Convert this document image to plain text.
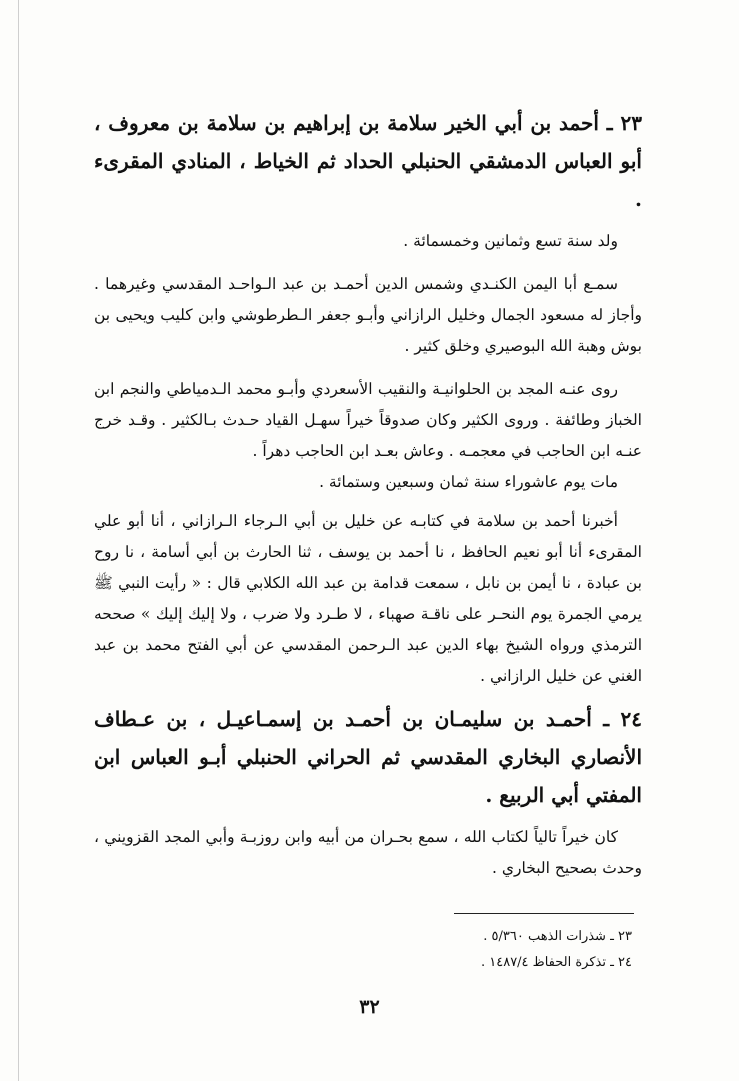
٢٣ ـ أحمد بن أبي الخير سلامة بن إبراهيم بن سلامة بن معروف ،
أبو العباس الدمشقي الحنبلي الحداد ثم الخياط ، المنادي المقرىء .

ولد سنة تسع وثمانين وخمسمائة .

سمـع أبا اليمن الكنـدي وشمس الدين أحمـد بن عبد الـواحـد المقدسي وغيرهما . وأجاز له مسعود الجمال وخليل الرازاني وأبـو جعفر الـطرطوشي وابن كليب ويحيى بن بوش وهبة الله البوصيري وخلق كثير .

روى عنـه المجد بن الحلوانيـة والنقيب الأسعردي وأبـو محمد الـدمياطي والنجم ابن الخباز وطائفة . وروى الكثير وكان صدوقاً خيراً سهـل القياد حـدث بـالكثير . وقـد خرج عنـه ابن الحاجب في معجمـه . وعاش بعـد ابن الحاجب دهراً .

مات يوم عاشوراء سنة ثمان وسبعين وستمائة .

أخبرنا أحمد بن سلامة في كتابـه عن خليل بن أبي الـرجاء الـرازاني ، أنا أبو علي المقرىء أنا أبو نعيم الحافظ ، نا أحمد بن يوسف ، ثنا الحارث بن أبي أسامة ، نا روح بن عبادة ، نا أيمن بن نابل ، سمعت قدامة بن عبد الله الكلابي قال : « رأيت النبي ﷺ يرمي الجمرة يوم النحـر على ناقـة صهباء ، لا طـرد ولا ضرب ، ولا إليك إليك » صححه الترمذي ورواه الشيخ بهاء الدين عبد الـرحمن المقدسي عن أبي الفتح محمد بن عبد الغني عن خليل الرازاني .

٢٤ ـ أحمـد بن سليمـان بن أحمـد بن إسمـاعيـل ، بن عـطاف
الأنصاري البخاري المقدسي ثم الحراني الحنبلي أبـو العباس ابن المفتي أبي الربيع .

كان خيراً تالياً لكتاب الله ، سمع بحـران من أبيه وابن روزبـة وأبي المجد القزويني ، وحدث بصحيح البخاري .

٢٣ ـ شذرات الذهب ٥/٣٦٠ .
٢٤ ـ تذكرة الحفاظ ١٤٨٧/٤ .
٣٢
